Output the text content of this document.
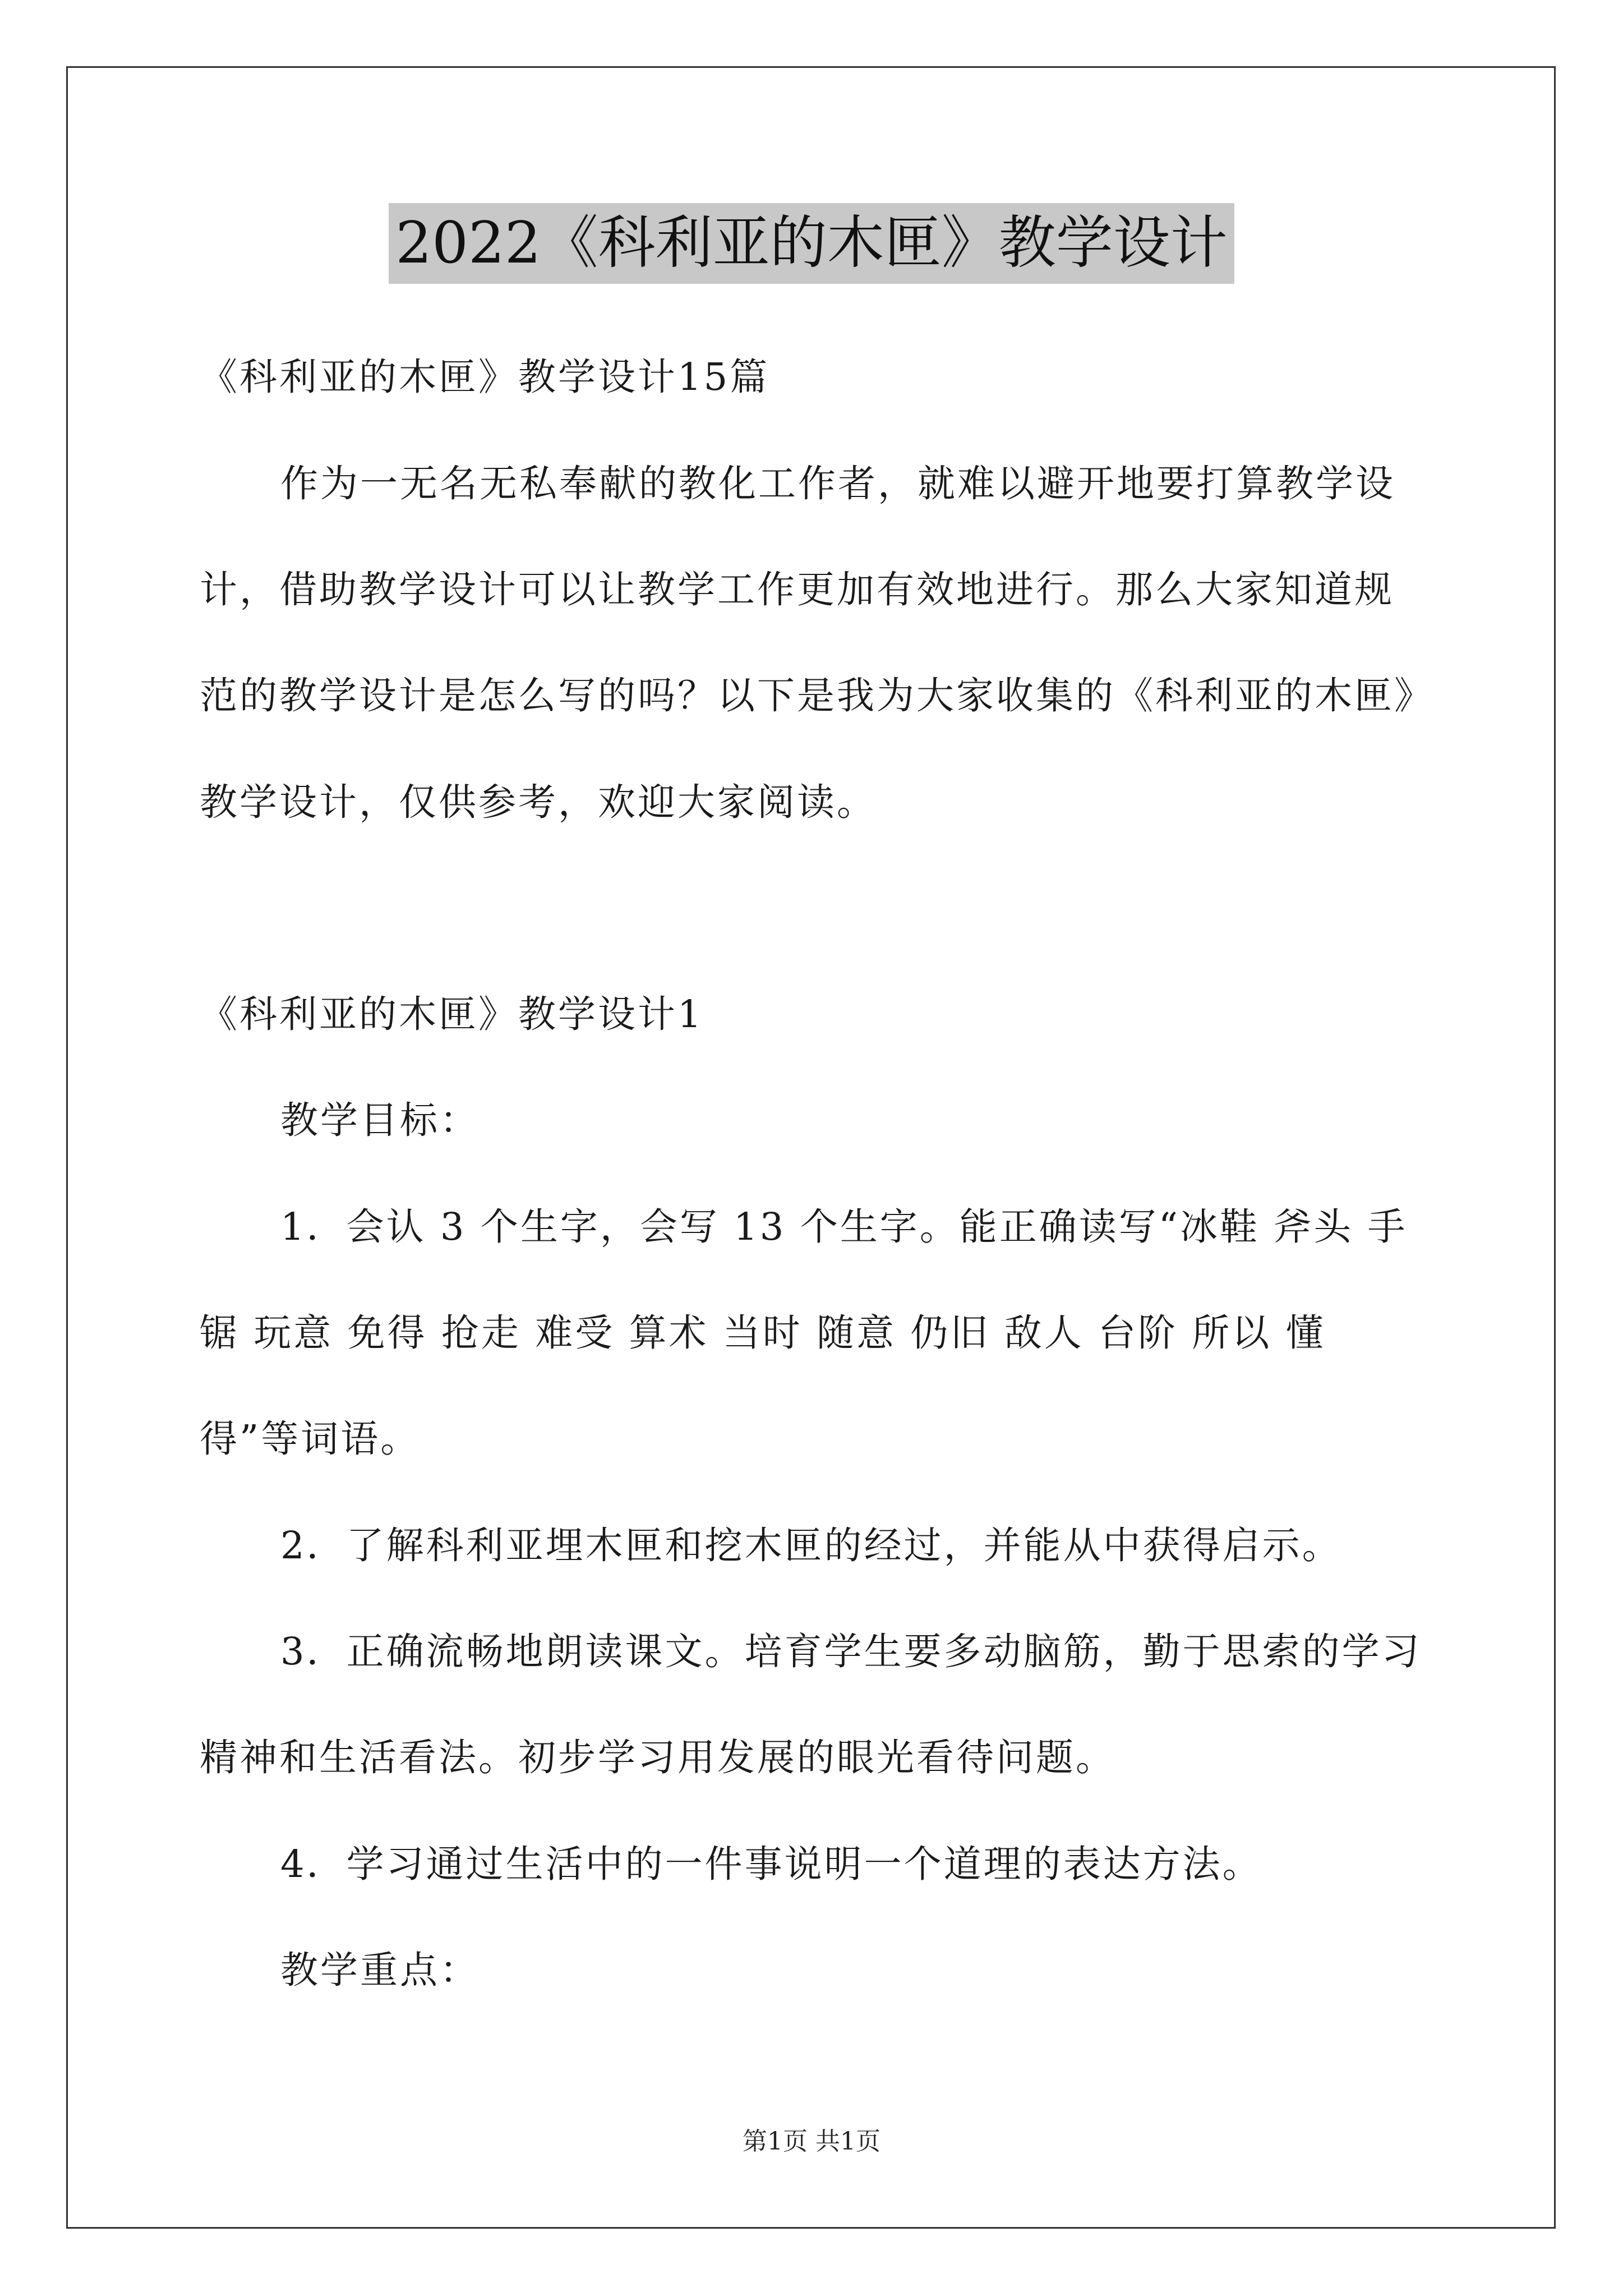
2022《科利亚的木匣》教学设计
《科利亚的木匣》教学设计15篇
作为一无名无私奉献的教化工作者，就难以避开地要打算教学设
计，借助教学设计可以让教学工作更加有效地进行。那么大家知道规
范的教学设计是怎么写的吗？以下是我为大家收集的《科利亚的木匣》
教学设计，仅供参考，欢迎大家阅读。
《科利亚的木匣》教学设计1
教学目标：
1．会认 3 个生字，会写 13 个生字。能正确读写“冰鞋 斧头 手
锯 玩意 免得 抢走 难受 算术 当时 随意 仍旧 敌人 台阶 所以 懂
得”等词语。
2．了解科利亚埋木匣和挖木匣的经过，并能从中获得启示。
3．正确流畅地朗读课文。培育学生要多动脑筋，勤于思索的学习
精神和生活看法。初步学习用发展的眼光看待问题。
4．学习通过生活中的一件事说明一个道理的表达方法。
教学重点：
第1页 共1页
